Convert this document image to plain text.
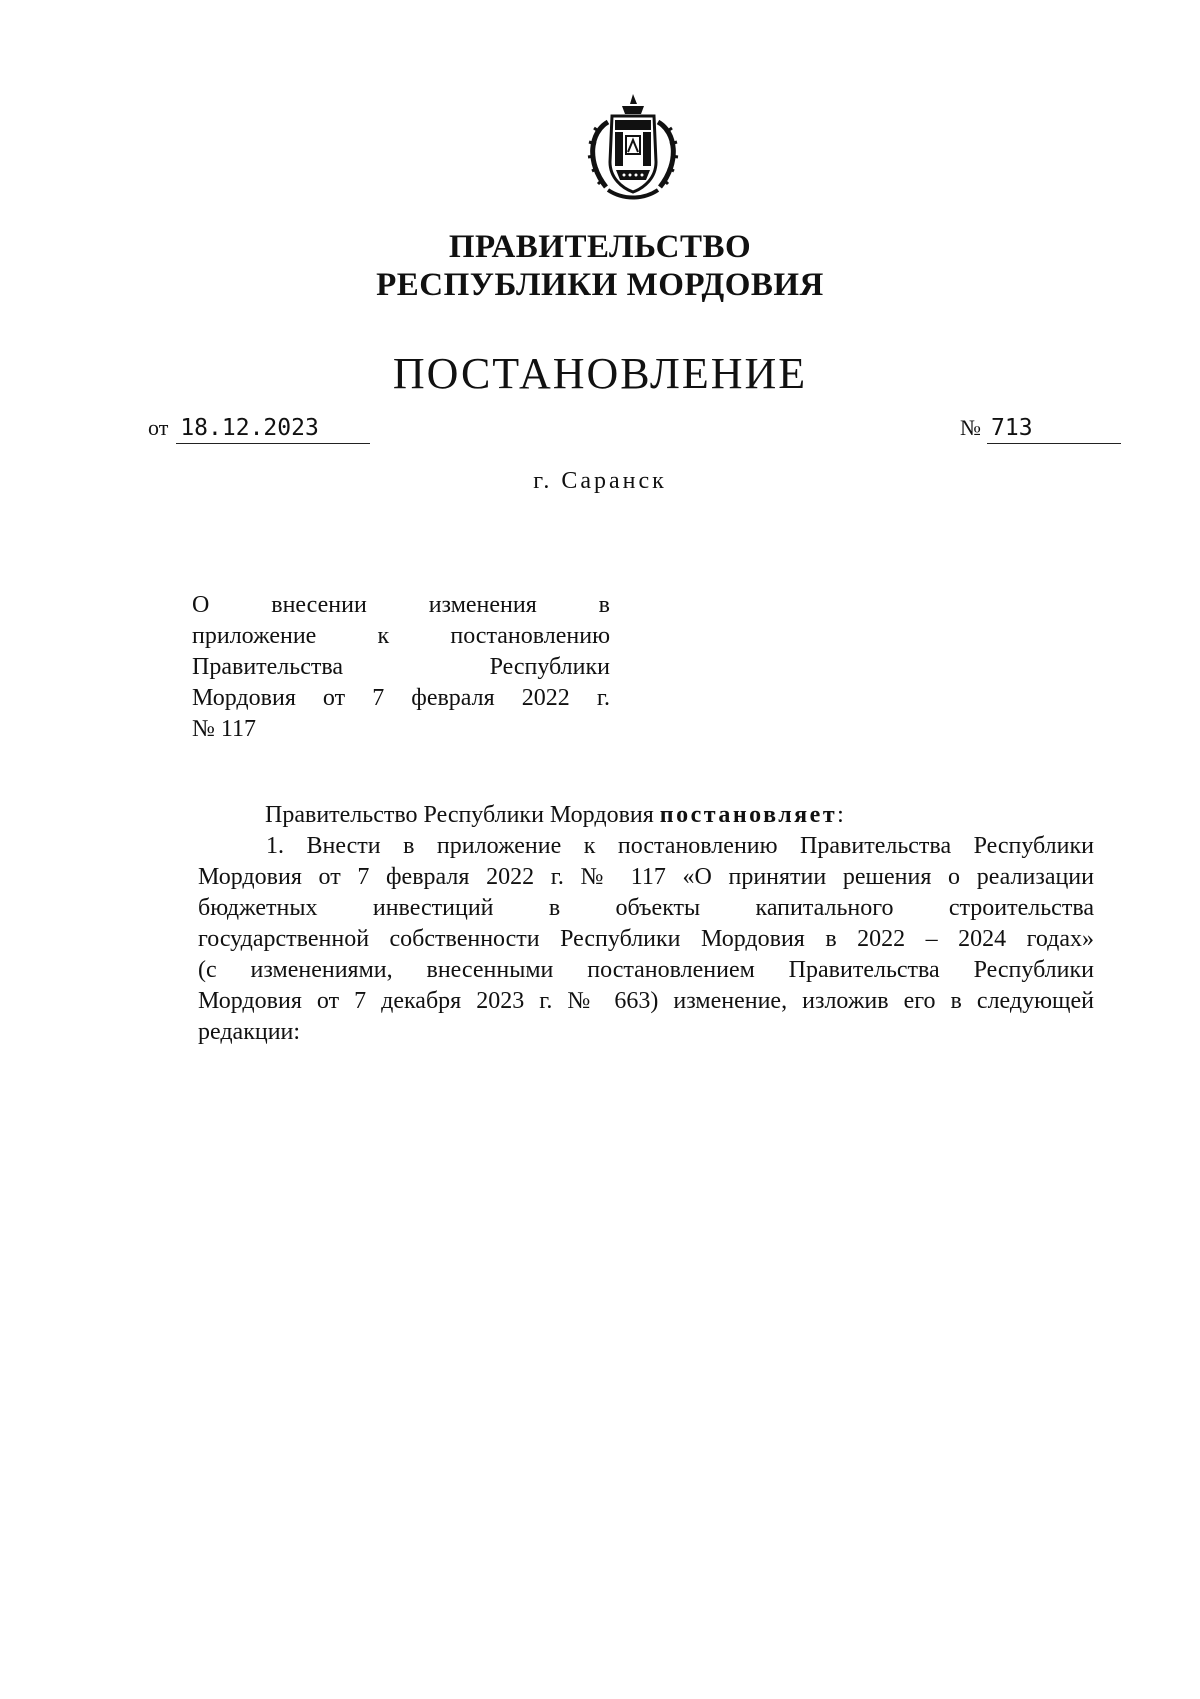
ПРАВИТЕЛЬСТВО
РЕСПУБЛИКИ МОРДОВИЯ
ПОСТАНОВЛЕНИЕ
от 18.12.2023	№ 713
г. Саранск
О внесении изменения в
приложение к постановлению
Правительства Республики
Мордовия от 7 февраля 2022 г.
№ 117
Правительство Республики Мордовия постановляет:
1. Внести в приложение к постановлению Правительства Республики
Мордовия от 7 февраля 2022 г. № 117 «О принятии решения о реализации
бюджетных инвестиций в объекты капитального строительства
государственной собственности Республики Мордовия в 2022 – 2024 годах»
(с изменениями, внесенными постановлением Правительства Республики
Мордовия от 7 декабря 2023 г. № 663) изменение, изложив его в следующей
редакции:
